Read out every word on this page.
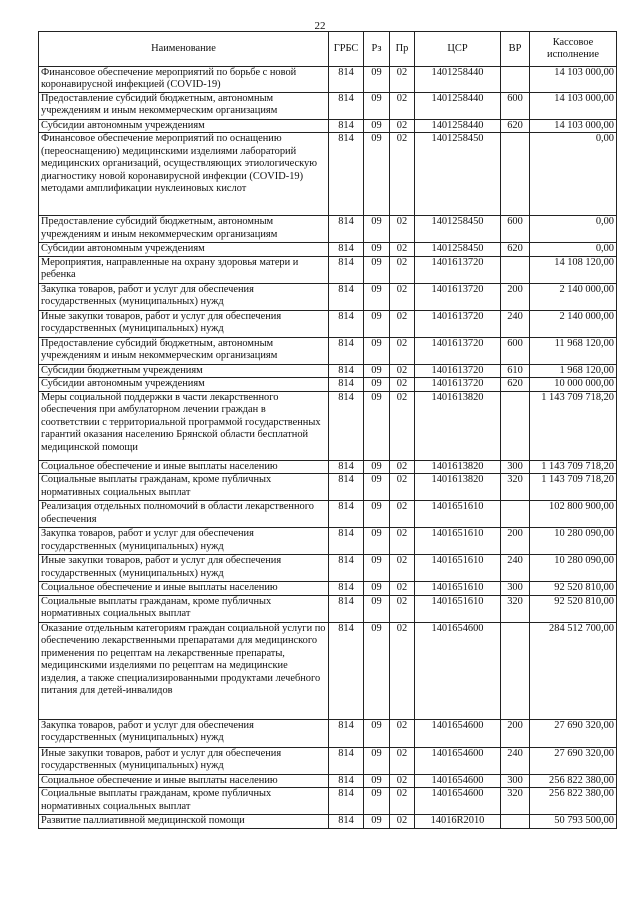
22
Наименование	ГРБС	Рз	Пр	ЦСР	ВР	Кассовое исполнение
Финансовое обеспечение мероприятий по борьбе с новой коронавирусной инфекцией (COVID-19)	814	09	02	1401258440		14 103 000,00
Предоставление субсидий бюджетным, автономным учреждениям и иным некоммерческим организациям	814	09	02	1401258440	600	14 103 000,00
Субсидии автономным учреждениям	814	09	02	1401258440	620	14 103 000,00
Финансовое обеспечение мероприятий по оснащению (переоснащению) медицинскими изделиями лабораторий медицинских организаций, осуществляющих этиологическую диагностику новой коронавирусной инфекции (COVID-19) методами амплификации нуклеиновых кислот	814	09	02	1401258450		0,00
Предоставление субсидий бюджетным, автономным учреждениям и иным некоммерческим организациям	814	09	02	1401258450	600	0,00
Субсидии автономным учреждениям	814	09	02	1401258450	620	0,00
Мероприятия, направленные на охрану здоровья матери и ребенка	814	09	02	1401613720		14 108 120,00
Закупка товаров, работ и услуг для обеспечения государственных (муниципальных) нужд	814	09	02	1401613720	200	2 140 000,00
Иные закупки товаров, работ и услуг для обеспечения государственных (муниципальных) нужд	814	09	02	1401613720	240	2 140 000,00
Предоставление субсидий бюджетным, автономным учреждениям и иным некоммерческим организациям	814	09	02	1401613720	600	11 968 120,00
Субсидии бюджетным учреждениям	814	09	02	1401613720	610	1 968 120,00
Субсидии автономным учреждениям	814	09	02	1401613720	620	10 000 000,00
Меры социальной поддержки в части лекарственного обеспечения при амбулаторном лечении граждан в соответствии с территориальной программой государственных гарантий оказания населению Брянской области бесплатной медицинской помощи	814	09	02	1401613820		1 143 709 718,20
Социальное обеспечение и иные выплаты населению	814	09	02	1401613820	300	1 143 709 718,20
Социальные выплаты гражданам, кроме публичных нормативных социальных выплат	814	09	02	1401613820	320	1 143 709 718,20
Реализация отдельных полномочий в области лекарственного обеспечения	814	09	02	1401651610		102 800 900,00
Закупка товаров, работ и услуг для обеспечения государственных (муниципальных) нужд	814	09	02	1401651610	200	10 280 090,00
Иные закупки товаров, работ и услуг для обеспечения государственных (муниципальных) нужд	814	09	02	1401651610	240	10 280 090,00
Социальное обеспечение и иные выплаты населению	814	09	02	1401651610	300	92 520 810,00
Социальные выплаты гражданам, кроме публичных нормативных социальных выплат	814	09	02	1401651610	320	92 520 810,00
Оказание отдельным категориям граждан социальной услуги по обеспечению лекарственными препаратами для медицинского применения по рецептам на лекарственные препараты, медицинскими изделиями по рецептам на медицинские изделия, а также специализированными продуктами лечебного питания для детей-инвалидов	814	09	02	1401654600		284 512 700,00
Закупка товаров, работ и услуг для обеспечения государственных (муниципальных) нужд	814	09	02	1401654600	200	27 690 320,00
Иные закупки товаров, работ и услуг для обеспечения государственных (муниципальных) нужд	814	09	02	1401654600	240	27 690 320,00
Социальное обеспечение и иные выплаты населению	814	09	02	1401654600	300	256 822 380,00
Социальные выплаты гражданам, кроме публичных нормативных социальных выплат	814	09	02	1401654600	320	256 822 380,00
Развитие паллиативной медицинской помощи	814	09	02	14016R2010		50 793 500,00
